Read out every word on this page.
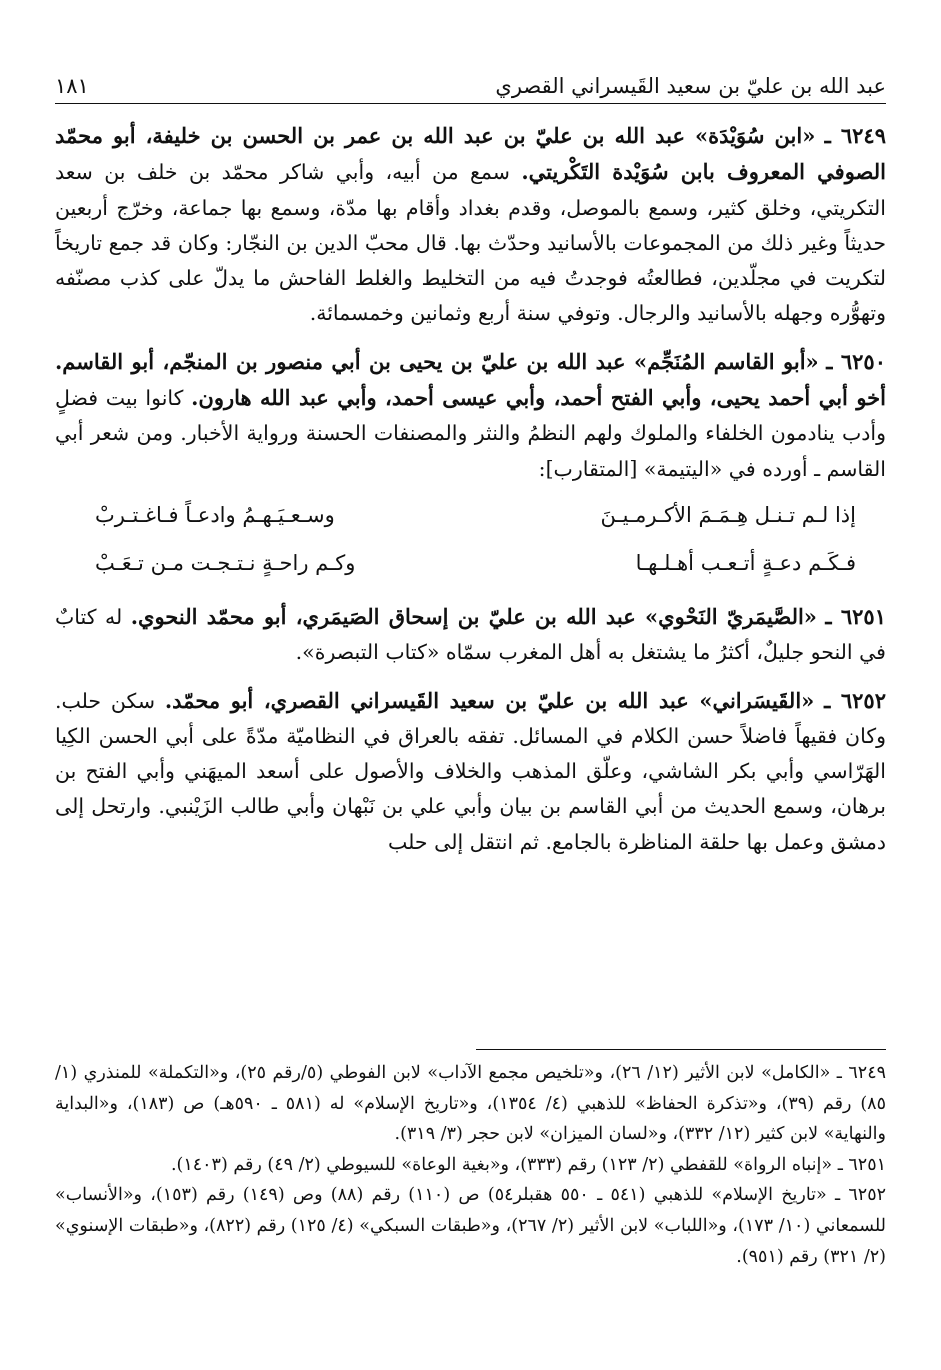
عبد الله بن عليّ بن سعيد القَيسراني القصري
١٨١

٦٢٤٩ ـ «ابن سُوَيْدَة» عبد الله بن عليّ بن عبد الله بن عمر بن الحسن بن خليفة، أبو محمّد الصوفي المعروف بابن سُوَيْدة التَكْريتي. سمع من أبيه، وأبي شاكر محمّد بن خلف بن سعد التكريتي، وخلق كثير، وسمع بالموصل، وقدم بغداد وأقام بها مدّة، وسمع بها جماعة، وخرّج أربعين حديثاً وغير ذلك من المجموعات بالأسانيد وحدّث بها. قال محبّ الدين بن النجّار: وكان قد جمع تاريخاً لتكريت في مجلّدين، فطالعتُه فوجدتُ فيه من التخليط والغلط الفاحش ما يدلّ على كذب مصنّفه وتهوُّره وجهله بالأسانيد والرجال. وتوفي سنة أربع وثمانين وخمسمائة.

٦٢٥٠ ـ «أبو القاسم المُنَجِّم» عبد الله بن عليّ بن يحيى بن أبي منصور بن المنجّم، أبو القاسم. أخو أبي أحمد يحيى، وأبي الفتح أحمد، وأبي عيسى أحمد، وأبي عبد الله هارون. كانوا بيت فضلٍ وأدب ينادمون الخلفاء والملوك ولهم النظمُ والنثر والمصنفات الحسنة ورواية الأخبار. ومن شعر أبي القاسم ـ أورده في «اليتيمة» [المتقارب]:

إذا لـم تـنـل هِـمَـمَ الأكـرمـيـنَ
وسـعـيَـهـمُ وادعـاً فـاغـتـربْ
فـكَـم دعـةٍ أتـعـب أهـلـهـا
وكـم راحـةٍ نـتـجـت مـن تـعَـبْ

٦٢٥١ ـ «الصَّيمَريّ النَحْوي» عبد الله بن عليّ بن إسحاق الصَيمَري، أبو محمّد النحوي. له كتابٌ في النحو جليلٌ، أكثرُ ما يشتغل به أهل المغرب سمّاه «كتاب التبصرة».

٦٢٥٢ ـ «القَيسَراني» عبد الله بن عليّ بن سعيد القَيسراني القصري، أبو محمّد. سكن حلب. وكان فقيهاً فاضلاً حسن الكلام في المسائل. تفقه بالعراق في النظاميّة مدّةً على أبي الحسن الكِيا الهَرّاسي وأبي بكر الشاشي، وعلّق المذهب والخلاف والأصول على أسعد الميهَني وأبي الفتح بن برهان، وسمع الحديث من أبي القاسم بن بيان وأبي علي بن نَبْهان وأبي طالب الزَيْنبي. وارتحل إلى دمشق وعمل بها حلقة المناظرة بالجامع. ثم انتقل إلى حلب

٦٢٤٩ ـ «الكامل» لابن الأثير (١٢/ ٢٦)، و«تلخيص مجمع الآداب» لابن الفوطي (٥/رقم ٢٥)، و«التكملة» للمنذري (١/ ٨٥) رقم (٣٩)، و«تذكرة الحفاظ» للذهبي (٤/ ١٣٥٤)، و«تاريخ الإسلام» له (٥٨١ ـ ٥٩٠هـ) ص (١٨٣)، و«البداية والنهاية» لابن كثير (١٢/ ٣٣٢)، و«لسان الميزان» لابن حجر (٣/ ٣١٩).

٦٢٥١ ـ «إنباه الرواة» للقفطي (٢/ ١٢٣) رقم (٣٣٣)، و«بغية الوعاة» للسيوطي (٢/ ٤٩) رقم (١٤٠٣).

٦٢٥٢ ـ «تاريخ الإسلام» للذهبي (٥٤١ ـ ٥٥٠ هقبلر٥٤) ص (١١٠) رقم (٨٨) وص (١٤٩) رقم (١٥٣)، و«الأنساب» للسمعاني (١٠/ ١٧٣)، و«اللباب» لابن الأثير (٢/ ٢٦٧)، و«طبقات السبكي» (٤/ ١٢٥) رقم (٨٢٢)، و«طبقات الإسنوي» (٢/ ٣٢١) رقم (٩٥١).
